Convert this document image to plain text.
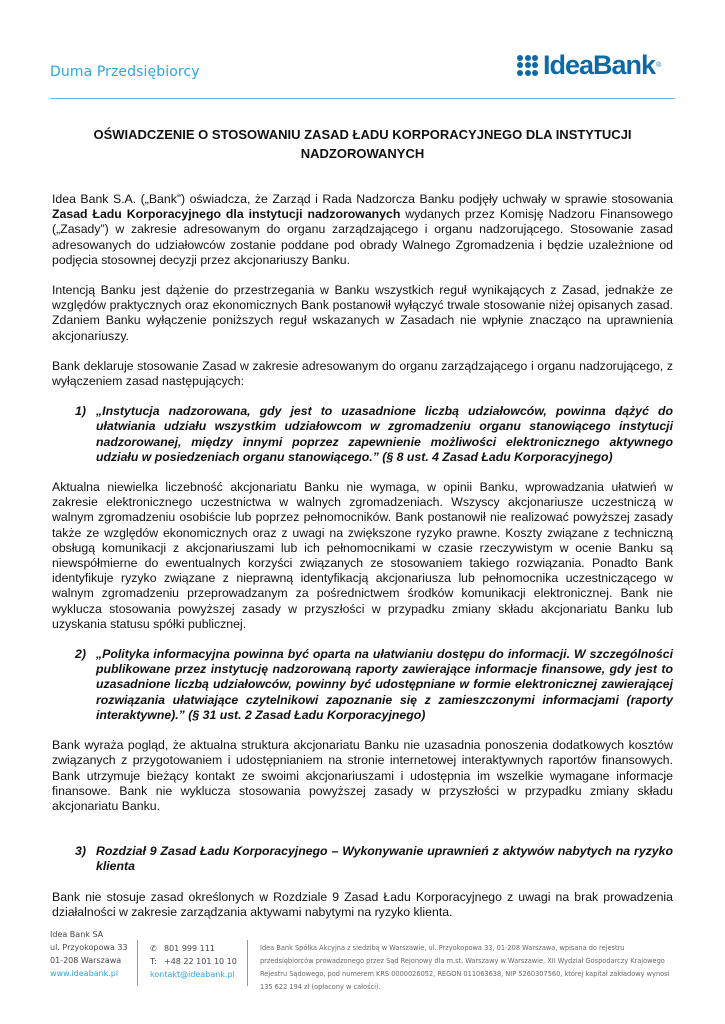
Duma Przedsiębiorcy	IdeaBank ®
OŚWIADCZENIE O STOSOWANIU ZASAD ŁADU KORPORACYJNEGO DLA INSTYTUCJI NADZOROWANYCH

Idea Bank S.A. („Bank”) oświadcza, że Zarząd i Rada Nadzorcza Banku podjęły uchwały w sprawie stosowania Zasad Ładu Korporacyjnego dla instytucji nadzorowanych wydanych przez Komisję Nadzoru Finansowego („Zasady”) w zakresie adresowanym do organu zarządzającego i organu nadzorującego. Stosowanie zasad adresowanych do udziałowców zostanie poddane pod obrady Walnego Zgromadzenia i będzie uzależnione od podjęcia stosownej decyzji przez akcjonariuszy Banku.

Intencją Banku jest dążenie do przestrzegania w Banku wszystkich reguł wynikających z Zasad, jednakże ze względów praktycznych oraz ekonomicznych Bank postanowił wyłączyć trwale stosowanie niżej opisanych zasad. Zdaniem Banku wyłączenie poniższych reguł wskazanych w Zasadach nie wpłynie znacząco na uprawnienia akcjonariuszy.

Bank deklaruje stosowanie Zasad w zakresie adresowanym do organu zarządzającego i organu nadzorującego, z wyłączeniem zasad następujących:

1) „Instytucja nadzorowana, gdy jest to uzasadnione liczbą udziałowców, powinna dążyć do ułatwiania udziału wszystkim udziałowcom w zgromadzeniu organu stanowiącego instytucji nadzorowanej, między innymi poprzez zapewnienie możliwości elektronicznego aktywnego udziału w posiedzeniach organu stanowiącego.” (§ 8 ust. 4 Zasad Ładu Korporacyjnego)

Aktualna niewielka liczebność akcjonariatu Banku nie wymaga, w opinii Banku, wprowadzania ułatwień w zakresie elektronicznego uczestnictwa w walnych zgromadzeniach. Wszyscy akcjonariusze uczestniczą w walnym zgromadzeniu osobiście lub poprzez pełnomocników. Bank postanowił nie realizować powyższej zasady także ze względów ekonomicznych oraz z uwagi na zwiększone ryzyko prawne. Koszty związane z techniczną obsługą komunikacji z akcjonariuszami lub ich pełnomocnikami w czasie rzeczywistym w ocenie Banku są niewspółmierne do ewentualnych korzyści związanych ze stosowaniem takiego rozwiązania. Ponadto Bank identyfikuje ryzyko związane z nieprawną identyfikacją akcjonariusza lub pełnomocnika uczestniczącego w walnym zgromadzeniu przeprowadzanym za pośrednictwem środków komunikacji elektronicznej. Bank nie wyklucza stosowania powyższej zasady w przyszłości w przypadku zmiany składu akcjonariatu Banku lub uzyskania statusu spółki publicznej.

2) „Polityka informacyjna powinna być oparta na ułatwianiu dostępu do informacji. W szczególności publikowane przez instytucję nadzorowaną raporty zawierające informacje finansowe, gdy jest to uzasadnione liczbą udziałowców, powinny być udostępniane w formie elektronicznej zawierającej rozwiązania ułatwiające czytelnikowi zapoznanie się z zamieszczonymi informacjami (raporty interaktywne).” (§ 31 ust. 2 Zasad Ładu Korporacyjnego)

Bank wyraża pogląd, że aktualna struktura akcjonariatu Banku nie uzasadnia ponoszenia dodatkowych kosztów związanych z przygotowaniem i udostępnianiem na stronie internetowej interaktywnych raportów finansowych. Bank utrzymuje bieżący kontakt ze swoimi akcjonariuszami i udostępnia im wszelkie wymagane informacje finansowe. Bank nie wyklucza stosowania powyższej zasady w przyszłości w przypadku zmiany składu akcjonariatu Banku.

3) Rozdział 9 Zasad Ładu Korporacyjnego – Wykonywanie uprawnień z aktywów nabytych na ryzyko klienta

Bank nie stosuje zasad określonych w Rozdziale 9 Zasad Ładu Korporacyjnego z uwagi na brak prowadzenia działalności w zakresie zarządzania aktywami nabytymi na ryzyko klienta.

Idea Bank SA
ul. Przyokopowa 33
01-208 Warszawa
www.ideabank.pl
✆ 801 999 111
T: +48 22 101 10 10
kontakt@ideabank.pl
Idea Bank Spółka Akcyjna z siedzibą w Warszawie, ul. Przyokopowa 33, 01-208 Warszawa, wpisana do rejestru przedsiębiorców prowadzonego przez Sąd Rejonowy dla m.st. Warszawy w Warszawie, XII Wydział Gospodarczy Krajowego Rejestru Sądowego, pod numerem KRS 0000026052, REGON 011063638, NIP 5260307560, której kapitał zakładowy wynosi 135 622 194 zł (opłacony w całości).
